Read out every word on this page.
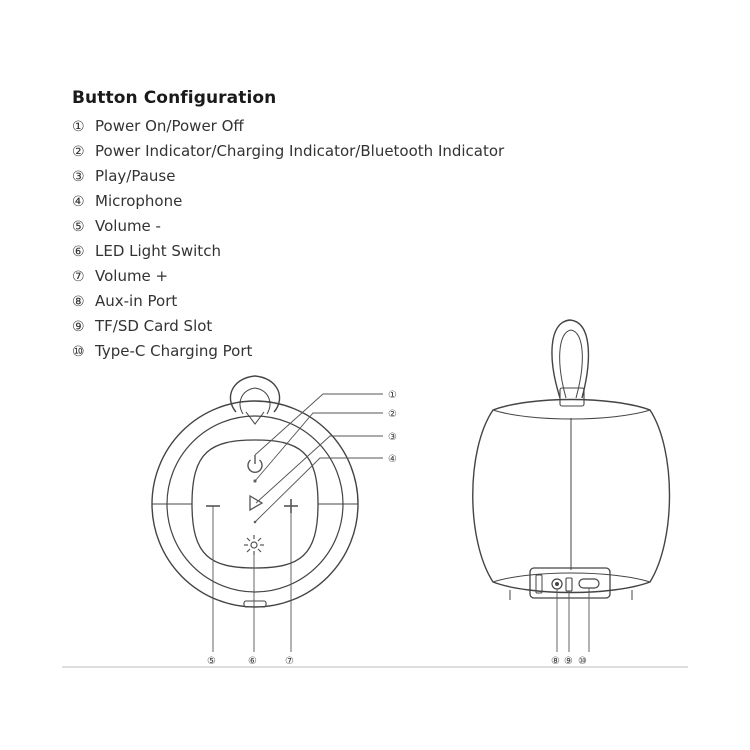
Button Configuration
① Power On/Power Off
② Power Indicator/Charging Indicator/Bluetooth Indicator
③ Play/Pause
④ Microphone
⑤ Volume -
⑥ LED Light Switch
⑦ Volume +
⑧ Aux-in Port
⑨ TF/SD Card Slot
⑩ Type-C Charging Port
①
②
③
④
⑤	⑥	⑦	⑧ ⑨ ⑩
